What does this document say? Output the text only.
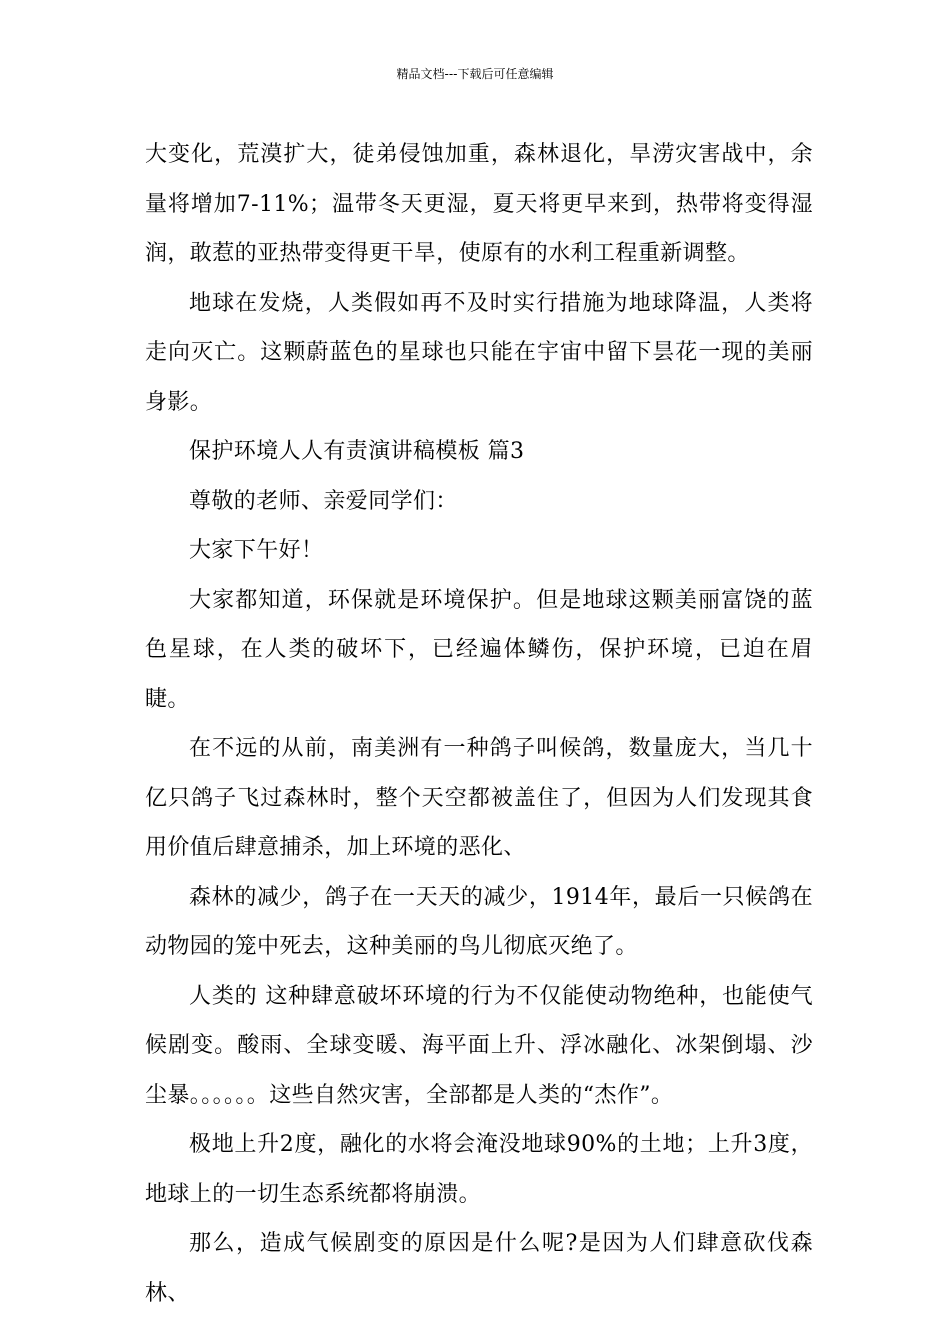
精品文档---下载后可任意编辑

大变化，荒漠扩大，徒弟侵蚀加重，森林退化，旱涝灾害战中，余量将增加7-11%；温带冬天更湿，夏天将更早来到，热带将变得湿润，敢惹的亚热带变得更干旱，使原有的水利工程重新调整。

地球在发烧，人类假如再不及时实行措施为地球降温，人类将走向灭亡。这颗蔚蓝色的星球也只能在宇宙中留下昙花一现的美丽身影。

保护环境人人有责演讲稿模板 篇3

尊敬的老师、亲爱同学们：

大家下午好！

大家都知道，环保就是环境保护。但是地球这颗美丽富饶的蓝色星球，在人类的破坏下，已经遍体鳞伤，保护环境，已迫在眉睫。

在不远的从前，南美洲有一种鸽子叫候鸽，数量庞大，当几十亿只鸽子飞过森林时，整个天空都被盖住了，但因为人们发现其食用价值后肆意捕杀，加上环境的恶化、

森林的减少，鸽子在一天天的减少，1914年，最后一只候鸽在动物园的笼中死去，这种美丽的鸟儿彻底灭绝了。

人类的 这种肆意破坏环境的行为不仅能使动物绝种，也能使气候剧变。酸雨、全球变暖、海平面上升、浮冰融化、冰架倒塌、沙尘暴。。。。。。这些自然灾害，全部都是人类的“杰作”。

极地上升2度，融化的水将会淹没地球90%的土地；上升3度，地球上的一切生态系统都将崩溃。

那么，造成气候剧变的原因是什么呢?是因为人们肆意砍伐森林、
